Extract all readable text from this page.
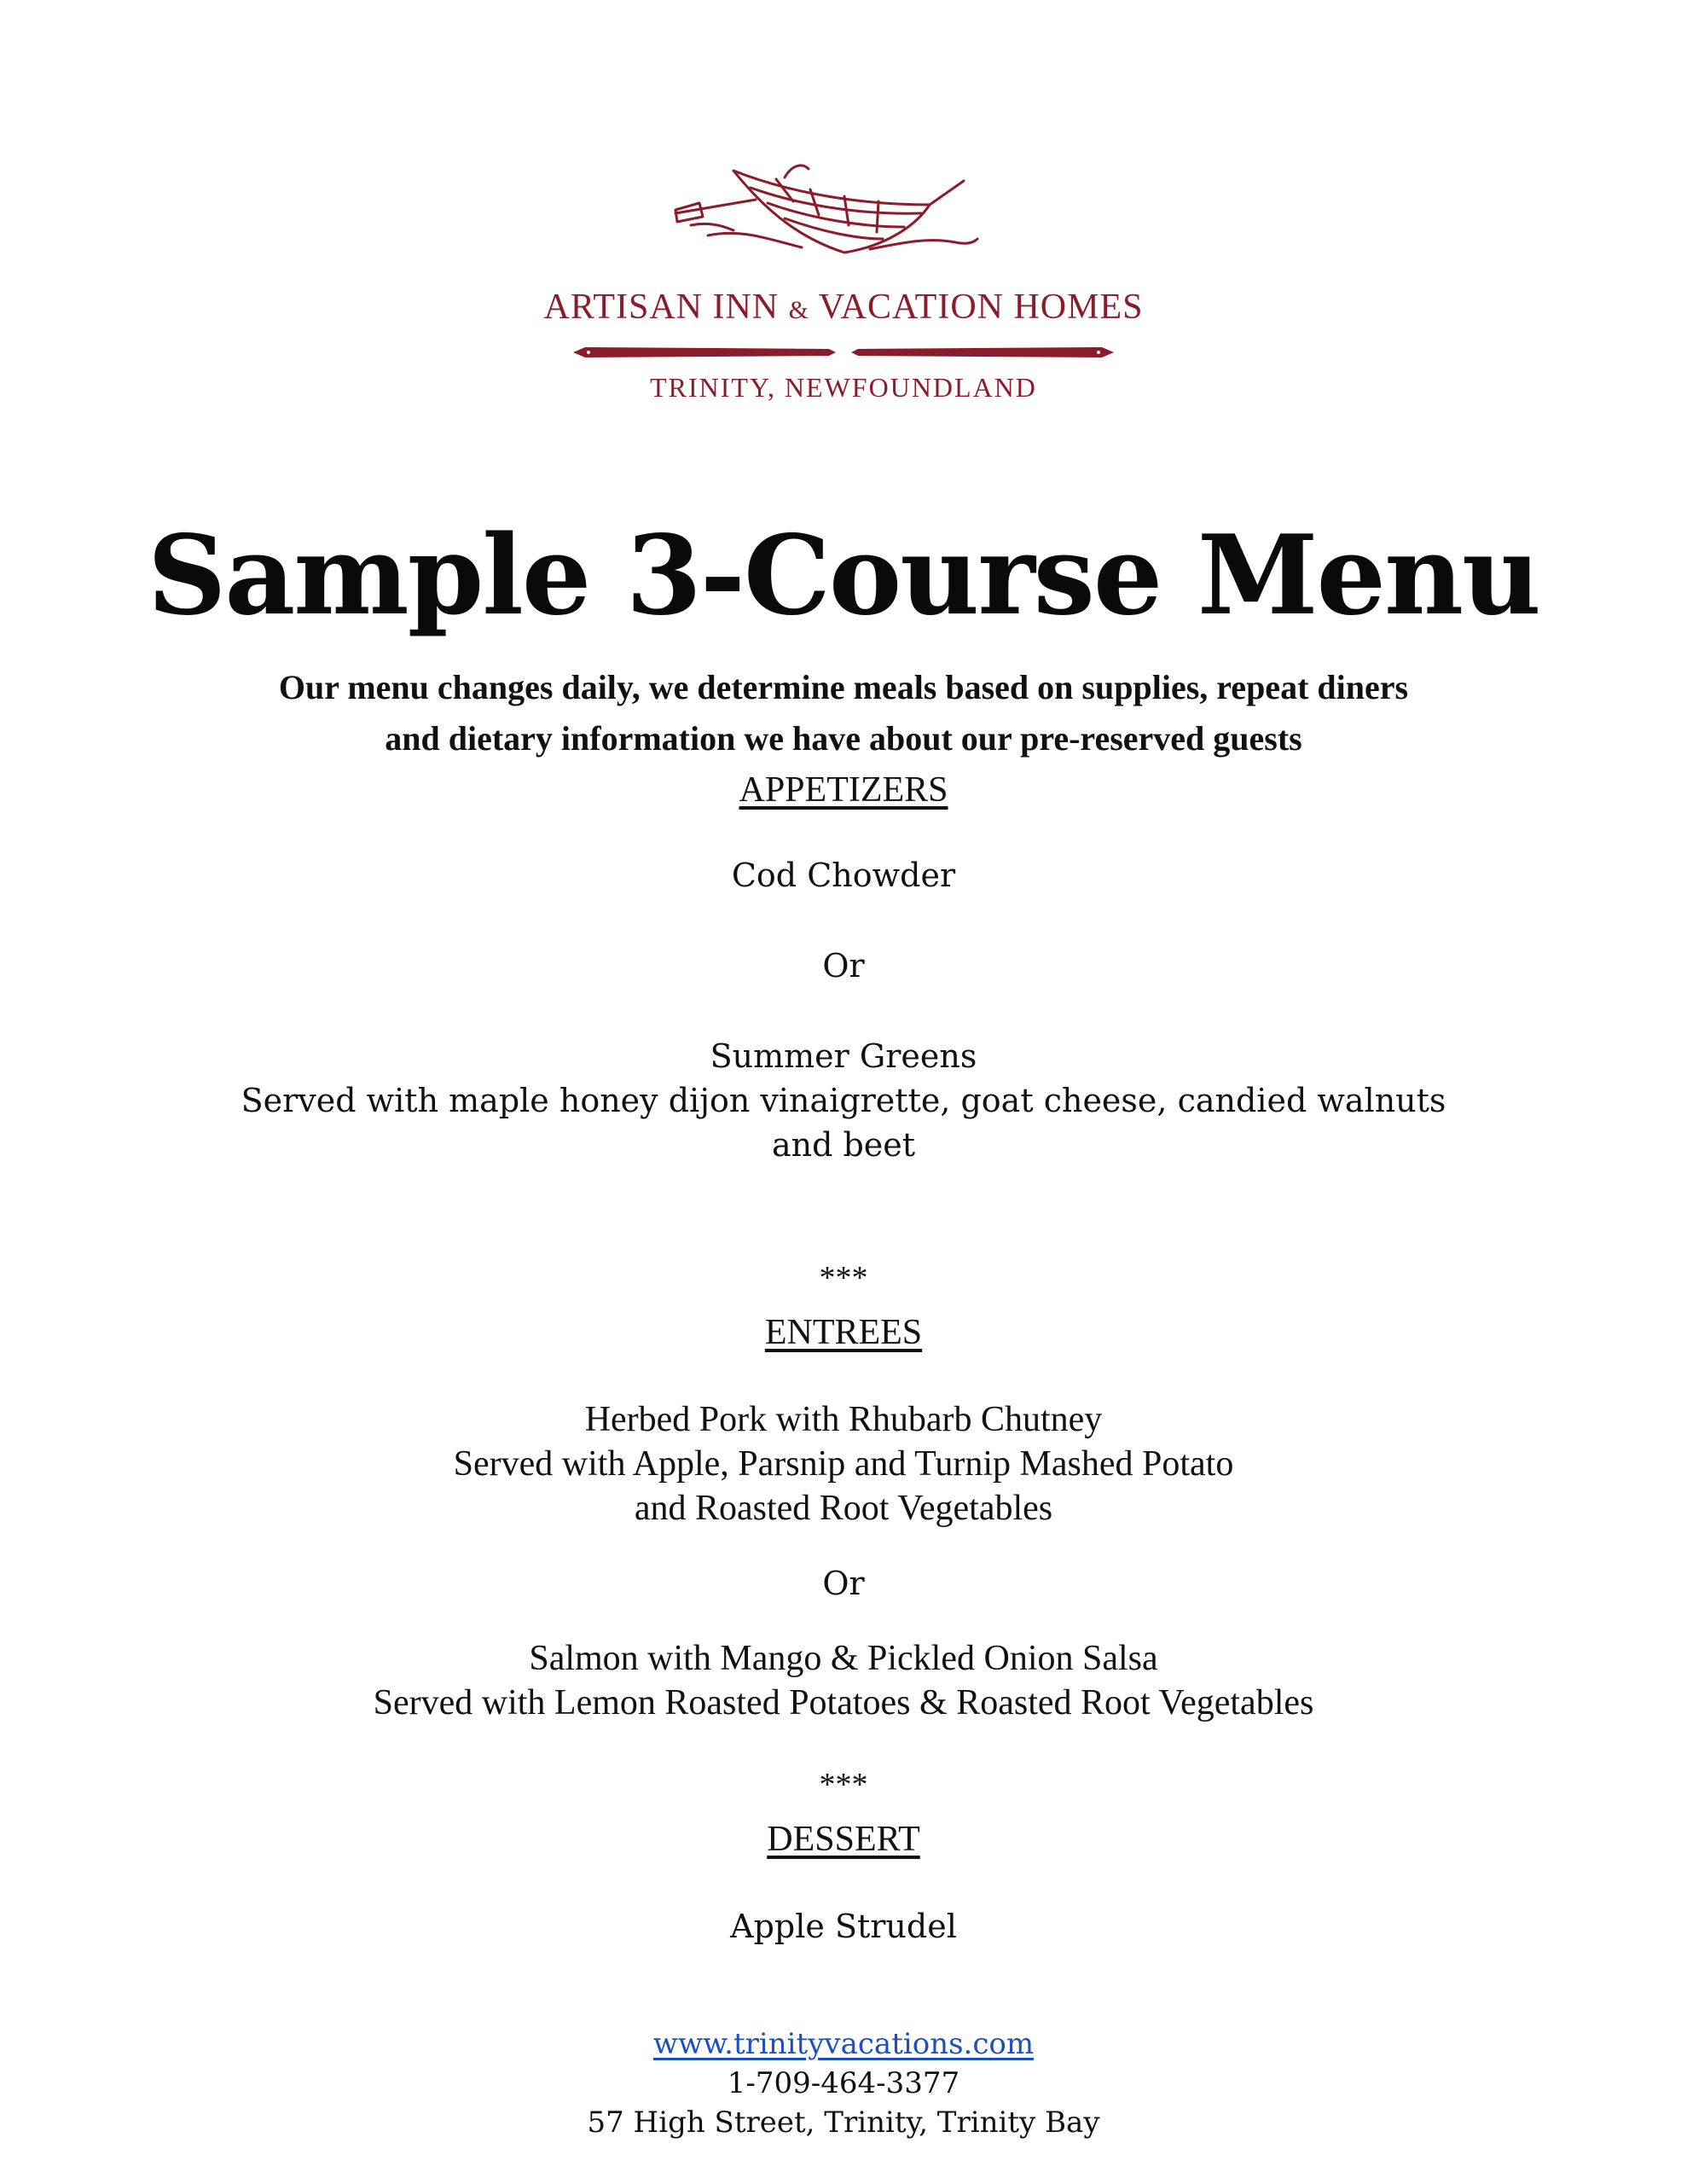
ARTISAN INN & VACATION HOMES
TRINITY, NEWFOUNDLAND
Sample 3-Course Menu
Our menu changes daily, we determine meals based on supplies, repeat diners
and dietary information we have about our pre-reserved guests
APPETIZERS
Cod Chowder
Or
Summer Greens
Served with maple honey dijon vinaigrette, goat cheese, candied walnuts
and beet
***
ENTREES
Herbed Pork with Rhubarb Chutney
Served with Apple, Parsnip and Turnip Mashed Potato
and Roasted Root Vegetables
Or
Salmon with Mango & Pickled Onion Salsa
Served with Lemon Roasted Potatoes & Roasted Root Vegetables
***
DESSERT
Apple Strudel
www.trinityvacations.com
1-709-464-3377
57 High Street, Trinity, Trinity Bay
